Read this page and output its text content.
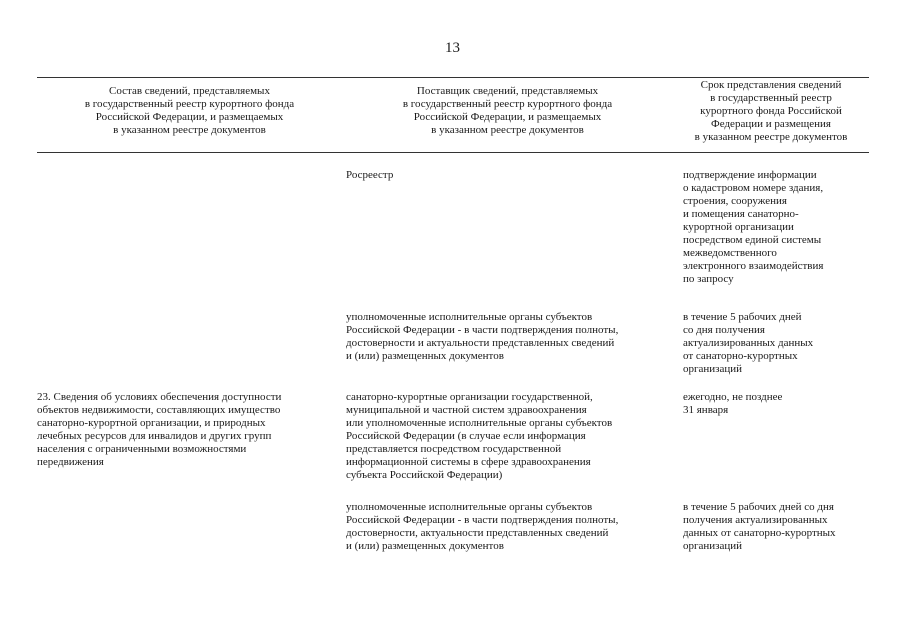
13
Состав сведений, представляемых
в государственный реестр курортного фонда
Российской Федерации, и размещаемых
в указанном реестре документов
Поставщик сведений, представляемых
в государственный реестр курортного фонда
Российской Федерации, и размещаемых
в указанном реестре документов
Срок представления сведений
в государственный реестр
курортного фонда Российской
Федерации и размещения
в указанном реестре документов
Росреестр	подтверждение информации
о кадастровом номере здания,
строения, сооружения
и помещения санаторно-
курортной организации
посредством единой системы
межведомственного
электронного взаимодействия
по запросу
уполномоченные исполнительные органы субъектов
Российской Федерации - в части подтверждения полноты,
достоверности и актуальности представленных сведений
и (или) размещенных документов
в течение 5 рабочих дней
со дня получения
актуализированных данных
от санаторно-курортных
организаций
23. Сведения об условиях обеспечения доступности
объектов недвижимости, составляющих имущество
санаторно-курортной организации, и природных
лечебных ресурсов для инвалидов и других групп
населения с ограниченными возможностями
передвижения
санаторно-курортные организации государственной,
муниципальной и частной систем здравоохранения
или уполномоченные исполнительные органы субъектов
Российской Федерации (в случае если информация
представляется посредством государственной
информационной системы в сфере здравоохранения
субъекта Российской Федерации)
ежегодно, не позднее
31 января
уполномоченные исполнительные органы субъектов
Российской Федерации - в части подтверждения полноты,
достоверности, актуальности представленных сведений
и (или) размещенных документов
в течение 5 рабочих дней со дня
получения актуализированных
данных от санаторно-курортных
организаций
